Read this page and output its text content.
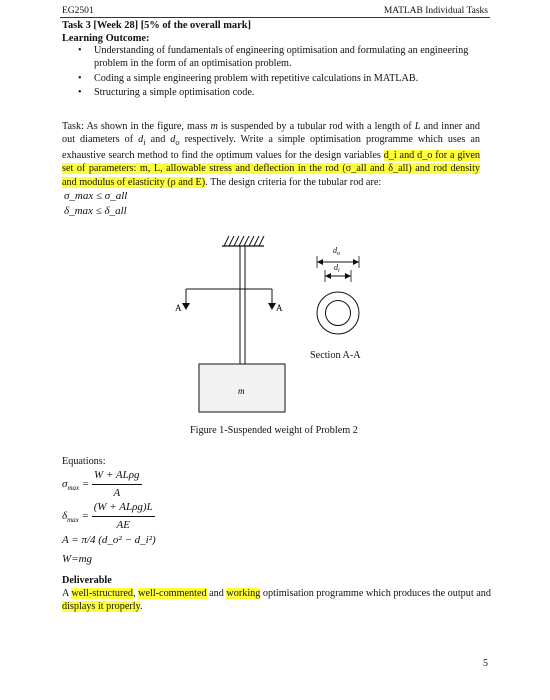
EG2501	MATLAB Individual Tasks
Task 3 [Week 28] [5% of the overall mark]
Learning Outcome:
• Understanding of fundamentals of engineering optimisation and formulating an engineering problem in the form of an optimisation problem.
• Coding a simple engineering problem with repetitive calculations in MATLAB.
• Structuring a simple optimisation code.
Task: As shown in the figure, mass m is suspended by a tubular rod with a length of L and inner and out diameters of $d_i$ and $d_o$ respectively. Write a simple optimisation programme which uses an exhaustive search method to find the optimum values for the design variables d_i and d_o for a given set of parameters: m, L, allowable stress and deflection in the rod (σ_all and δ_all) and rod density and modulus of elasticity (ρ and E). The design criteria for the tubular rod are:
σ_max ≤ σ_all
δ_max ≤ δ_all
A	A
m
$d_o$
$d_i$
Section A-A
Figure 1-Suspended weight of Problem 2
Equations:
$\sigma_{max} = \frac{\text{W + ALρg}}{A}$
$\delta_{max} = \frac{\text{(W + ALρg)L}}{AE}$
A = π/4 (d_o² − d_i²)
W=mg
Deliverable
A well-structured, well-commented and working optimisation programme which produces the output and displays it properly.
5
